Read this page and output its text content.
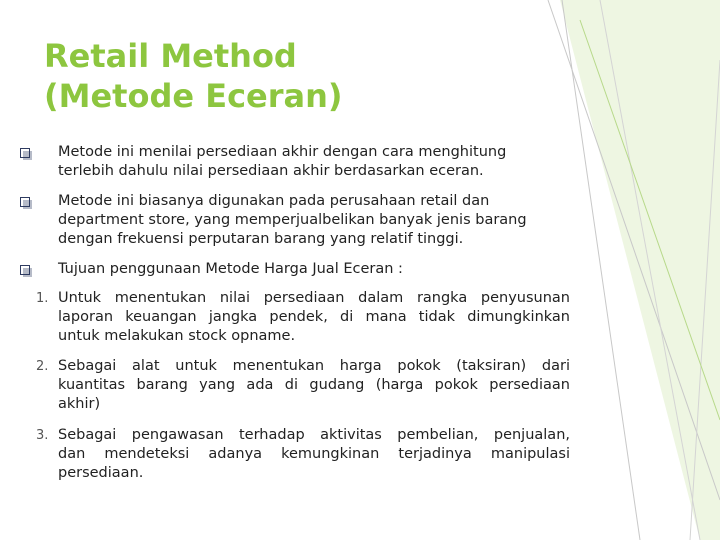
Retail Method
(Metode Eceran)
Metode ini menilai persediaan akhir dengan cara menghitung
terlebih dahulu nilai persediaan akhir berdasarkan eceran.
Metode ini biasanya digunakan pada perusahaan retail dan
department store, yang memperjualbelikan banyak jenis barang
dengan frekuensi perputaran barang yang relatif tinggi.
Tujuan penggunaan Metode Harga Jual Eceran :
1. Untuk menentukan nilai persediaan dalam rangka penyusunan
laporan keuangan jangka pendek, di mana tidak dimungkinkan
untuk melakukan stock opname.
2. Sebagai alat untuk menentukan harga pokok (taksiran) dari
kuantitas barang yang ada di gudang (harga pokok persediaan
akhir)
3. Sebagai pengawasan terhadap aktivitas pembelian, penjualan,
dan mendeteksi adanya kemungkinan terjadinya manipulasi
persediaan.
